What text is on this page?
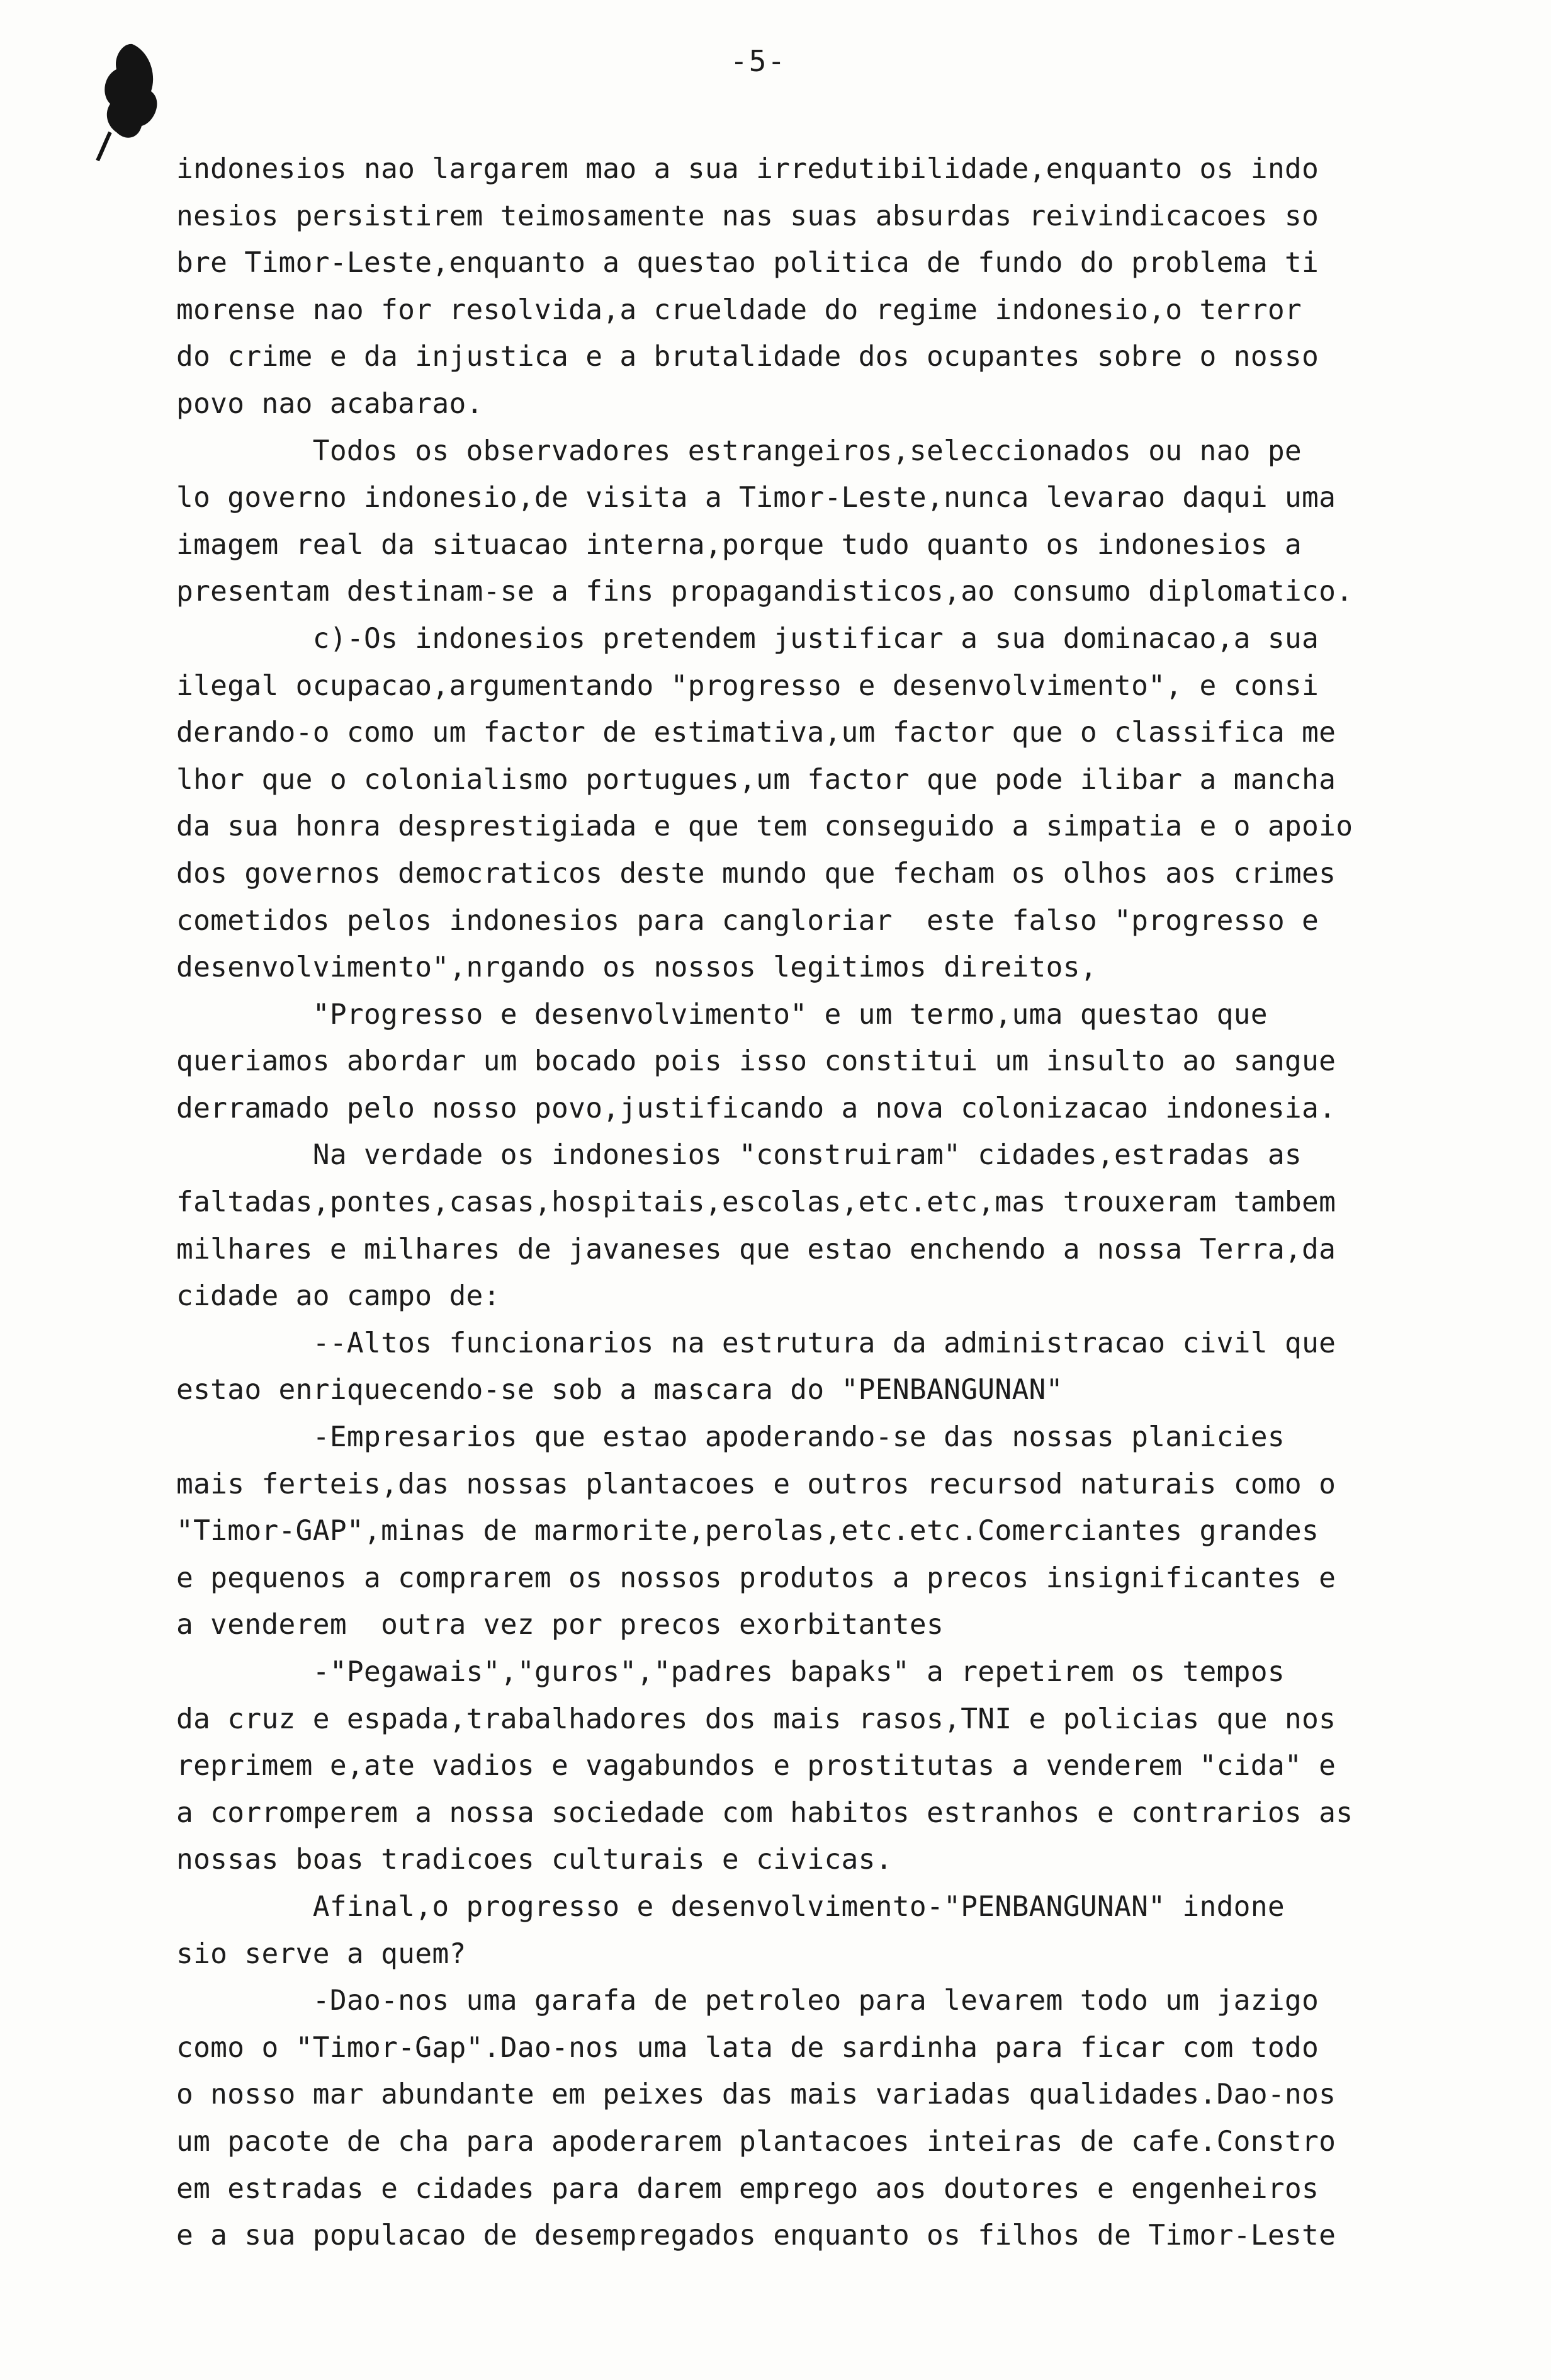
-5-
indonesios nao largarem mao a sua irredutibilidade,enquanto os indo
nesios persistirem teimosamente nas suas absurdas reivindicacoes so
bre Timor-Leste,enquanto a questao politica de fundo do problema ti
morense nao for resolvida,a crueldade do regime indonesio,o terror
do crime e da injustica e a brutalidade dos ocupantes sobre o nosso
povo nao acabarao.
Todos os observadores estrangeiros,seleccionados ou nao pe
lo governo indonesio,de visita a Timor-Leste,nunca levarao daqui uma
imagem real da situacao interna,porque tudo quanto os indonesios a
presentam destinam-se a fins propagandisticos,ao consumo diplomatico.
c)-Os indonesios pretendem justificar a sua dominacao,a sua
ilegal ocupacao,argumentando "progresso e desenvolvimento", e consi
derando-o como um factor de estimativa,um factor que o classifica me
lhor que o colonialismo portugues,um factor que pode ilibar a mancha
da sua honra desprestigiada e que tem conseguido a simpatia e o apoio
dos governos democraticos deste mundo que fecham os olhos aos crimes
cometidos pelos indonesios para cangloriar  este falso "progresso e
desenvolvimento",nrgando os nossos legitimos direitos,
"Progresso e desenvolvimento" e um termo,uma questao que
queriamos abordar um bocado pois isso constitui um insulto ao sangue
derramado pelo nosso povo,justificando a nova colonizacao indonesia.
Na verdade os indonesios "construiram" cidades,estradas as
faltadas,pontes,casas,hospitais,escolas,etc.etc,mas trouxeram tambem
milhares e milhares de javaneses que estao enchendo a nossa Terra,da
cidade ao campo de:
--Altos funcionarios na estrutura da administracao civil que
estao enriquecendo-se sob a mascara do "PENBANGUNAN"
-Empresarios que estao apoderando-se das nossas planicies
mais ferteis,das nossas plantacoes e outros recursod naturais como o
"Timor-GAP",minas de marmorite,perolas,etc.etc.Comerciantes grandes
e pequenos a comprarem os nossos produtos a precos insignificantes e
a venderem  outra vez por precos exorbitantes
-"Pegawais","guros","padres bapaks" a repetirem os tempos
da cruz e espada,trabalhadores dos mais rasos,TNI e policias que nos
reprimem e,ate vadios e vagabundos e prostitutas a venderem "cida" e
a corromperem a nossa sociedade com habitos estranhos e contrarios as
nossas boas tradicoes culturais e civicas.
Afinal,o progresso e desenvolvimento-"PENBANGUNAN" indone
sio serve a quem?
-Dao-nos uma garafa de petroleo para levarem todo um jazigo
como o "Timor-Gap".Dao-nos uma lata de sardinha para ficar com todo
o nosso mar abundante em peixes das mais variadas qualidades.Dao-nos
um pacote de cha para apoderarem plantacoes inteiras de cafe.Constro
em estradas e cidades para darem emprego aos doutores e engenheiros
e a sua populacao de desempregados enquanto os filhos de Timor-Leste
